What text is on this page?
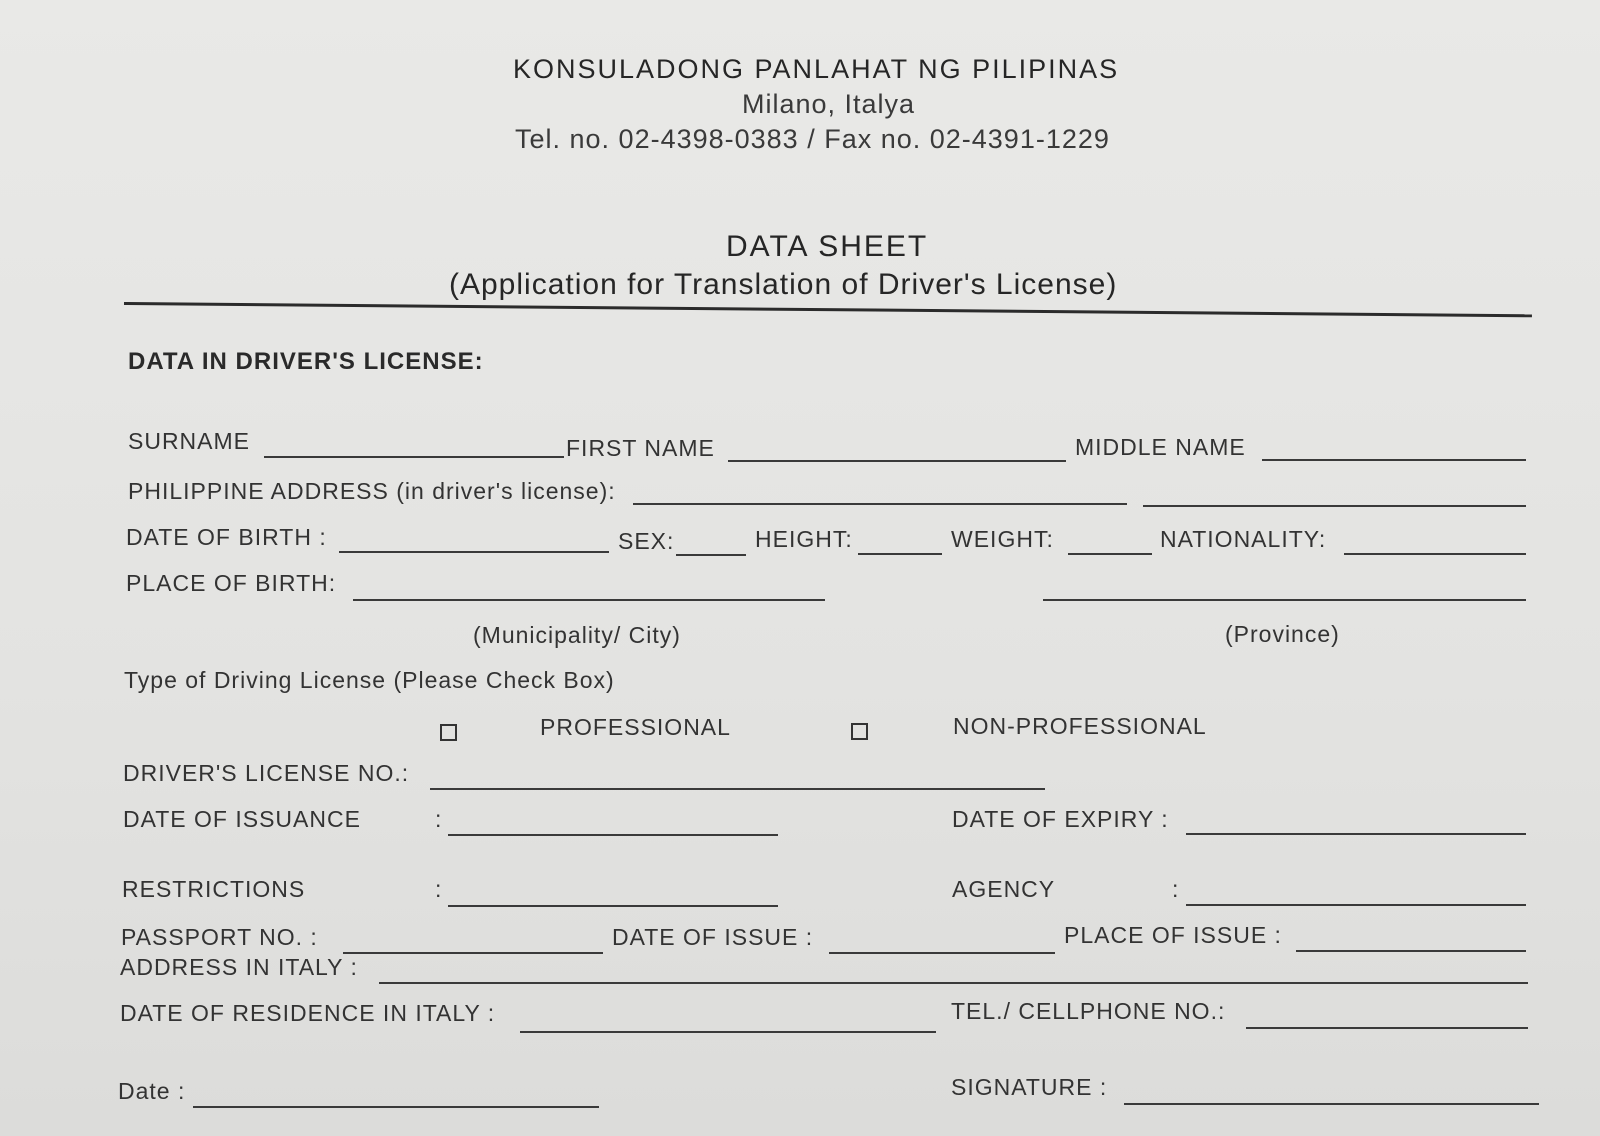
KONSULADONG PANLAHAT NG PILIPINAS
Milano, Italya
Tel. no. 02-4398-0383 / Fax no. 02-4391-1229
DATA SHEET
(Application for Translation of Driver's License)
DATA IN DRIVER'S LICENSE:
SURNAME	FIRST NAME	MIDDLE NAME
PHILIPPINE ADDRESS (in driver's license):
DATE OF BIRTH :	SEX:	HEIGHT:	WEIGHT:	NATIONALITY:
PLACE OF BIRTH:
(Municipality/ City)	(Province)
Type of Driving License (Please Check Box)
PROFESSIONAL	NON-PROFESSIONAL
DRIVER'S LICENSE NO.:
DATE OF ISSUANCE	:	DATE OF EXPIRY :
RESTRICTIONS	:	AGENCY	:
PASSPORT NO. :	DATE OF ISSUE :	PLACE OF ISSUE :
ADDRESS IN ITALY :
DATE OF RESIDENCE IN ITALY :	TEL./ CELLPHONE NO.:
Date :	SIGNATURE :
